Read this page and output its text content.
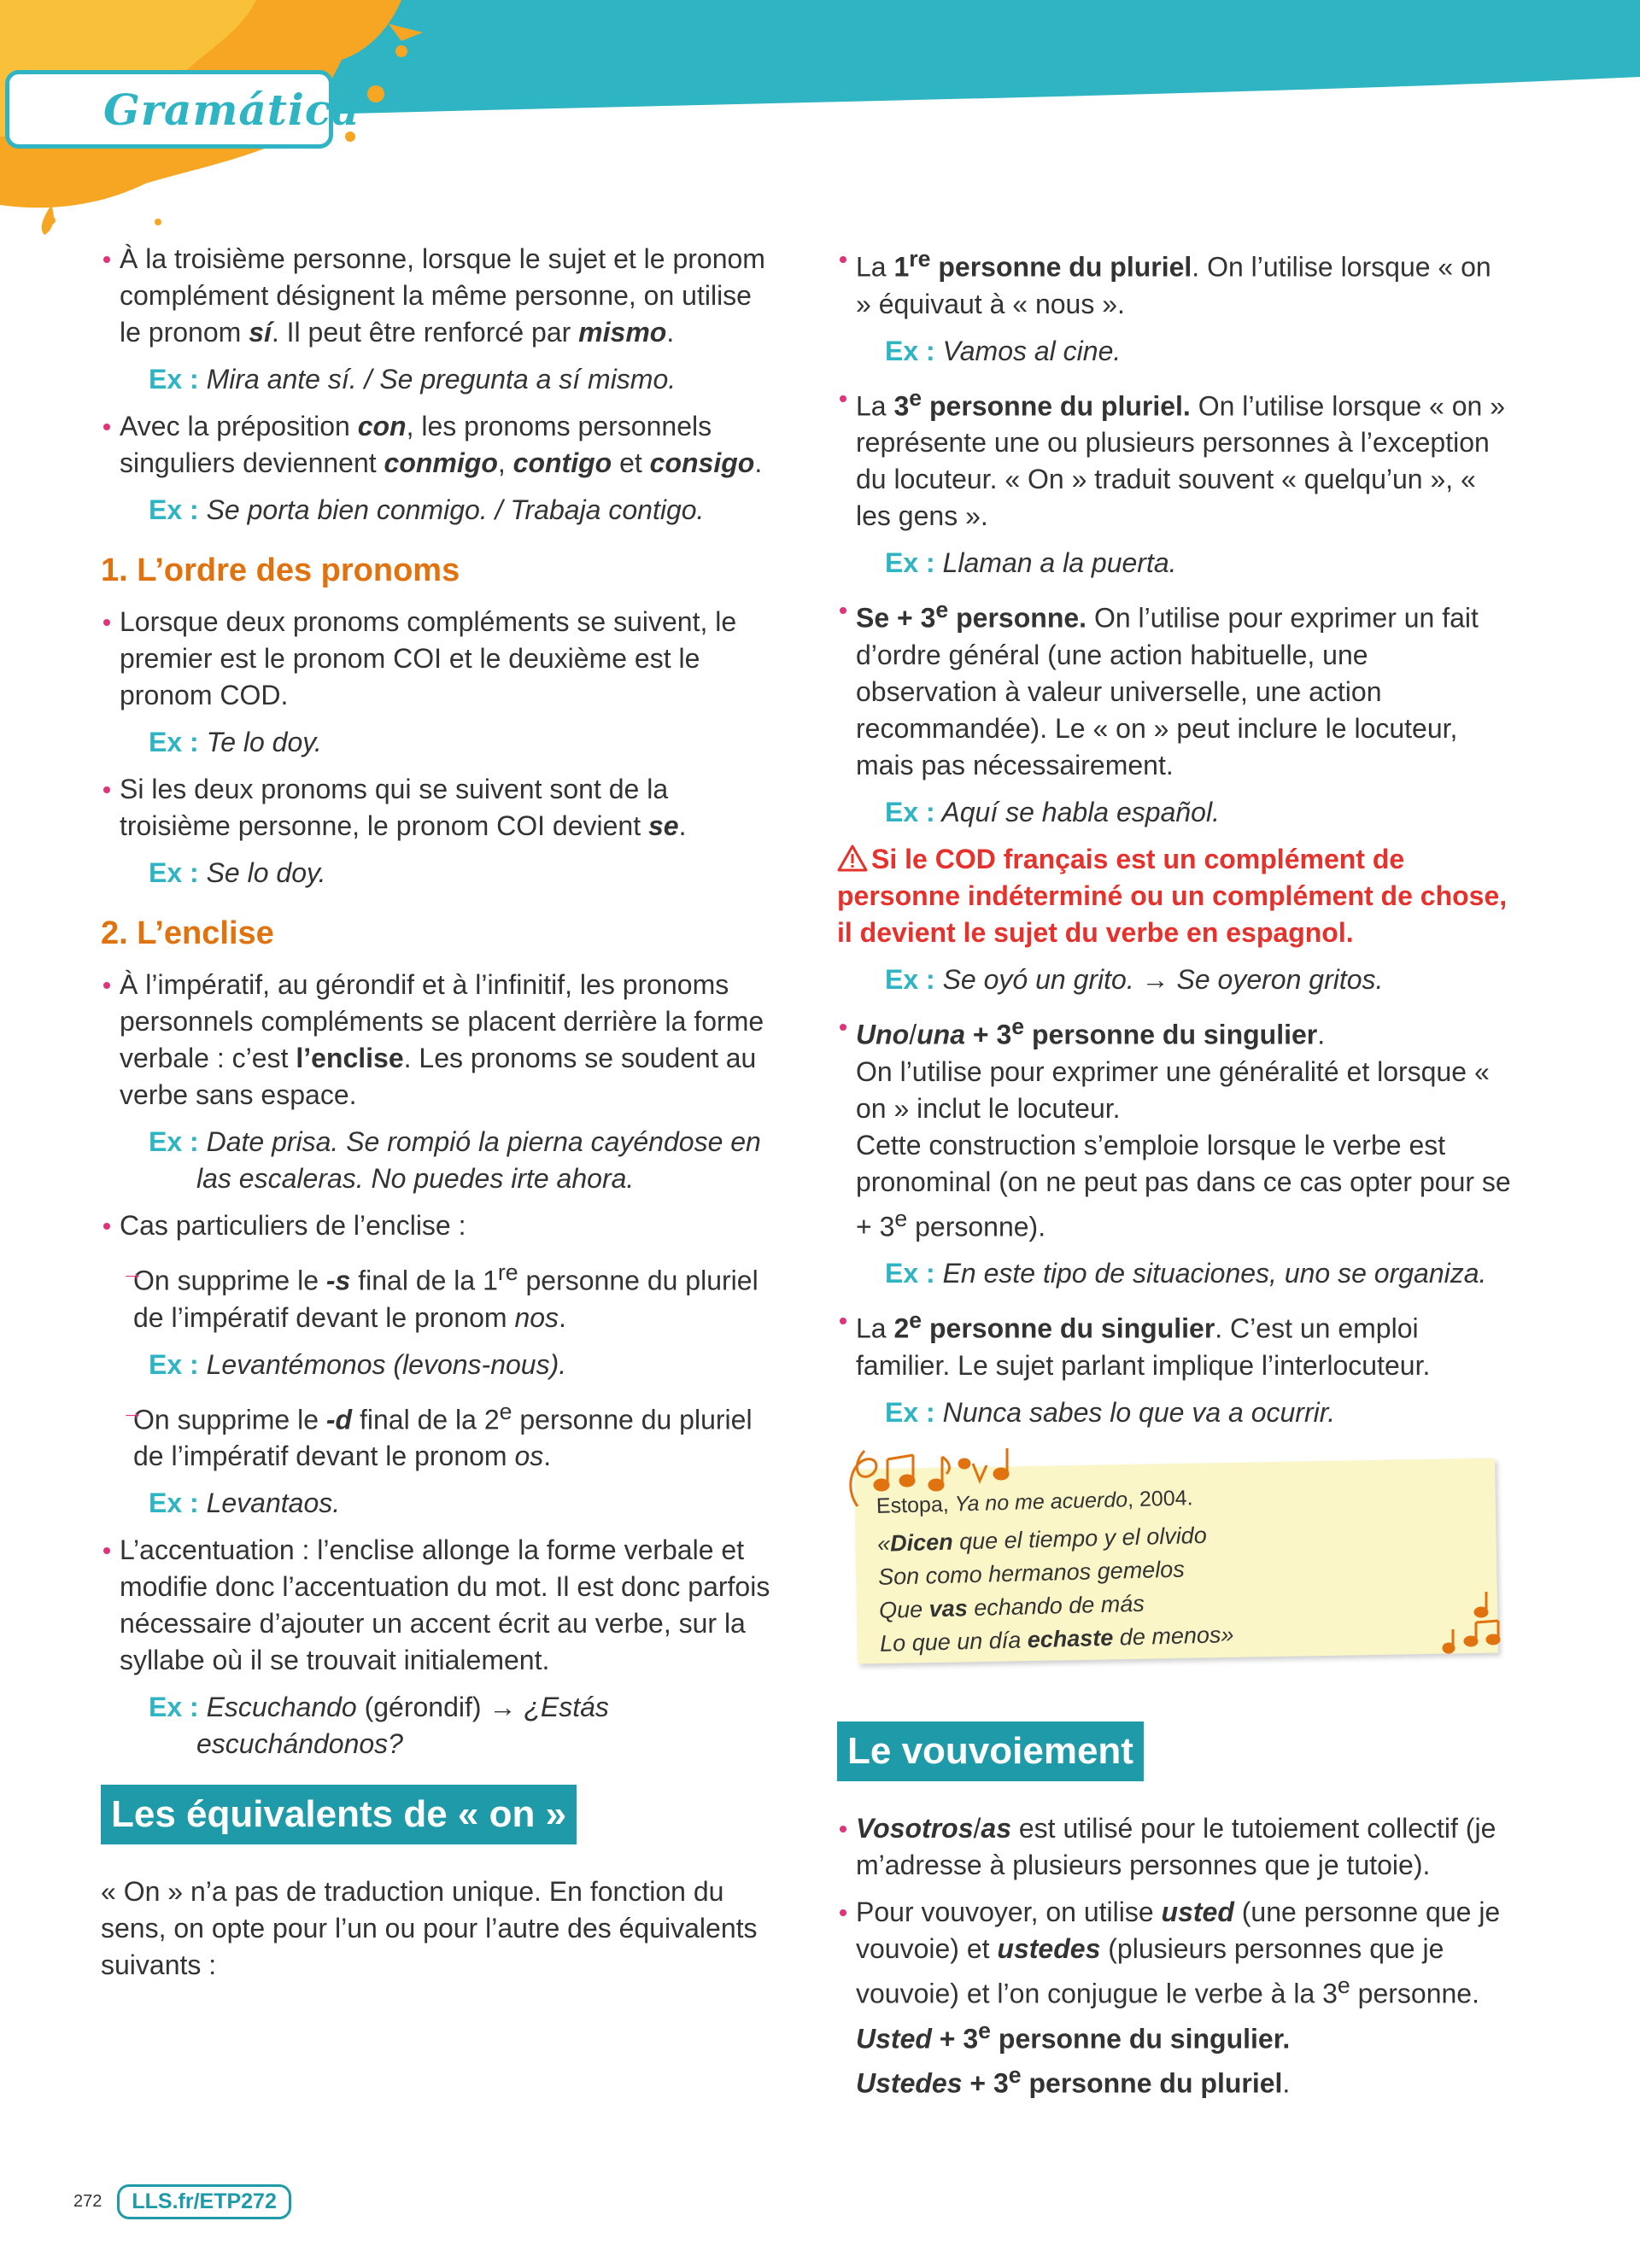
Gramática

À la troisième personne, lorsque le sujet et le pronom complément désignent la même personne, on utilise le pronom sí. Il peut être renforcé par mismo.

Ex : Mira ante sí. / Se pregunta a sí mismo.

Avec la préposition con, les pronoms personnels singuliers deviennent conmigo, contigo et consigo.

Ex : Se porta bien conmigo. / Trabaja contigo.

1. L’ordre des pronoms

Lorsque deux pronoms compléments se suivent, le premier est le pronom COI et le deuxième est le pronom COD.

Ex : Te lo doy.

Si les deux pronoms qui se suivent sont de la troisième personne, le pronom COI devient se.

Ex : Se lo doy.

2. L’enclise

À l’impératif, au gérondif et à l’infinitif, les pronoms personnels compléments se placent derrière la forme verbale : c’est l’enclise. Les pronoms se soudent au verbe sans espace.

Ex : Date prisa. Se rompió la pierna cayéndose en las escaleras. No puedes irte ahora.

Cas particuliers de l’enclise :

→ On supprime le -s final de la 1re personne du pluriel de l’impératif devant le pronom nos.

Ex : Levantémonos (levons-nous).

→ On supprime le -d final de la 2e personne du pluriel de l’impératif devant le pronom os.

Ex : Levantaos.

L’accentuation : l’enclise allonge la forme verbale et modifie donc l’accentuation du mot. Il est donc parfois nécessaire d’ajouter un accent écrit au verbe, sur la syllabe où il se trouvait initialement.

Ex : Escuchando (gérondif) → ¿Estás escuchándonos?

Les équivalents de « on »

« On » n’a pas de traduction unique. En fonction du sens, on opte pour l’un ou pour l’autre des équivalents suivants :

La 1re personne du pluriel. On l’utilise lorsque « on » équivaut à « nous ».

Ex : Vamos al cine.

La 3e personne du pluriel. On l’utilise lorsque « on » représente une ou plusieurs personnes à l’exception du locuteur. « On » traduit souvent « quelqu’un », « les gens ».

Ex : Llaman a la puerta.

$Se + 3^e$ personne. On l’utilise pour exprimer un fait d’ordre général (une action habituelle, une observation à valeur universelle, une action recommandée). Le « on » peut inclure le locuteur, mais pas nécessairement.

Ex : Aquí se habla español.

Si le COD français est un complément de personne indéterminé ou un complément de chose, il devient le sujet du verbe en espagnol.

Ex : Se oyó un grito. → Se oyeron gritos.

$Uno/una + 3^e$ personne du singulier.
On l’utilise pour exprimer une généralité et lorsque « on » inclut le locuteur.
Cette construction s’emploie lorsque le verbe est pronominal (on ne peut pas dans ce cas opter pour se + $3^e$ personne).

Ex : En este tipo de situaciones, uno se organiza.

La 2e personne du singulier. C’est un emploi familier. Le sujet parlant implique l’interlocuteur.

Ex : Nunca sabes lo que va a ocurrir.

Estopa, Ya no me acuerdo, 2004.
«Dicen que el tiempo y el olvido
Son como hermanos gemelos
Que vas echando de más
Lo que un día echaste de menos»
Le vouvoiement

Vosotros/as est utilisé pour le tutoiement collectif (je m’adresse à plusieurs personnes que je tutoie).

Pour vouvoyer, on utilise usted (une personne que je vouvoie) et ustedes (plusieurs personnes que je vouvoie) et l’on conjugue le verbe à la 3e personne.
Usted + $3^e$ personne du singulier.
Ustedes + $3^e$ personne du pluriel.

272	LLS.fr/ETP272
